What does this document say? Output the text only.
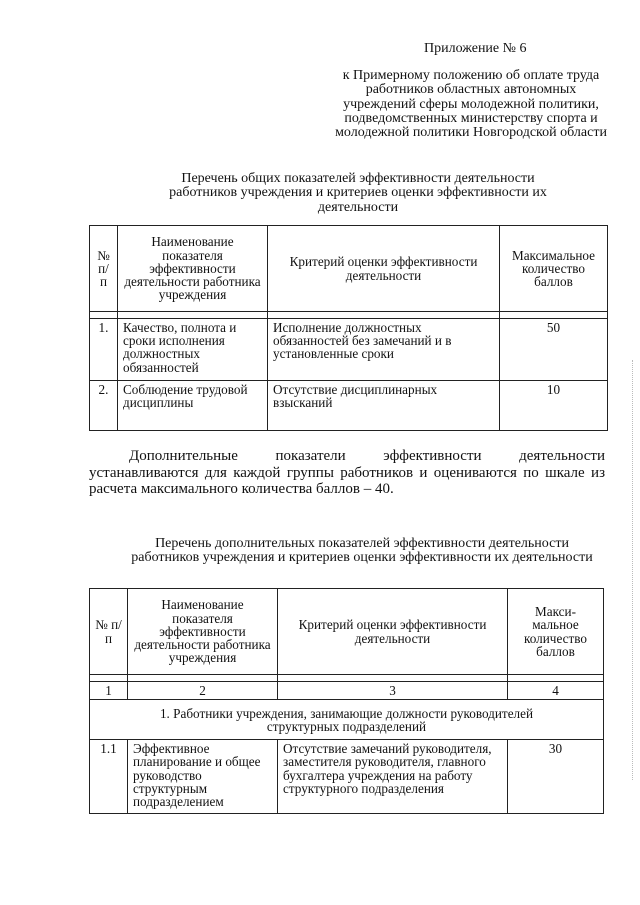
Приложение № 6
к Примерному положению об оплате труда работников областных автономных учреждений сферы молодежной политики, подведомственных министерству спорта и молодежной политики Новгородской области
Перечень общих показателей эффективности деятельности работников учреждения и критериев оценки эффективности их деятельности
№ п/п	Наименование показателя эффективности деятельности работника учреждения	Критерий оценки эффективности деятельности	Максимальное количество баллов

1.	Качество, полнота и сроки исполнения должностных обязанностей	Исполнение должностных обязанностей без замечаний и в установленные сроки	50
2.	Соблюдение трудовой дисциплины	Отсутствие дисциплинарных взысканий	10
Дополнительные	показатели	эффективности	деятельности
устанавливаются для каждой группы работников и оцениваются по шкале из расчета максимального количества баллов – 40.
Перечень дополнительных показателей эффективности деятельности работников учреждения и критериев оценки эффективности их деятельности
№ п/п	Наименование показателя эффективности деятельности работника учреждения	Критерий оценки эффективности деятельности	Макси-мальное количество баллов

1	2	3	4
1. Работники учреждения, занимающие должности руководителей структурных подразделений			
1.1	Эффективное планирование и общее руководство структурным подразделением	Отсутствие замечаний руководителя, заместителя руководителя, главного бухгалтера учреждения на работу структурного подразделения	30
